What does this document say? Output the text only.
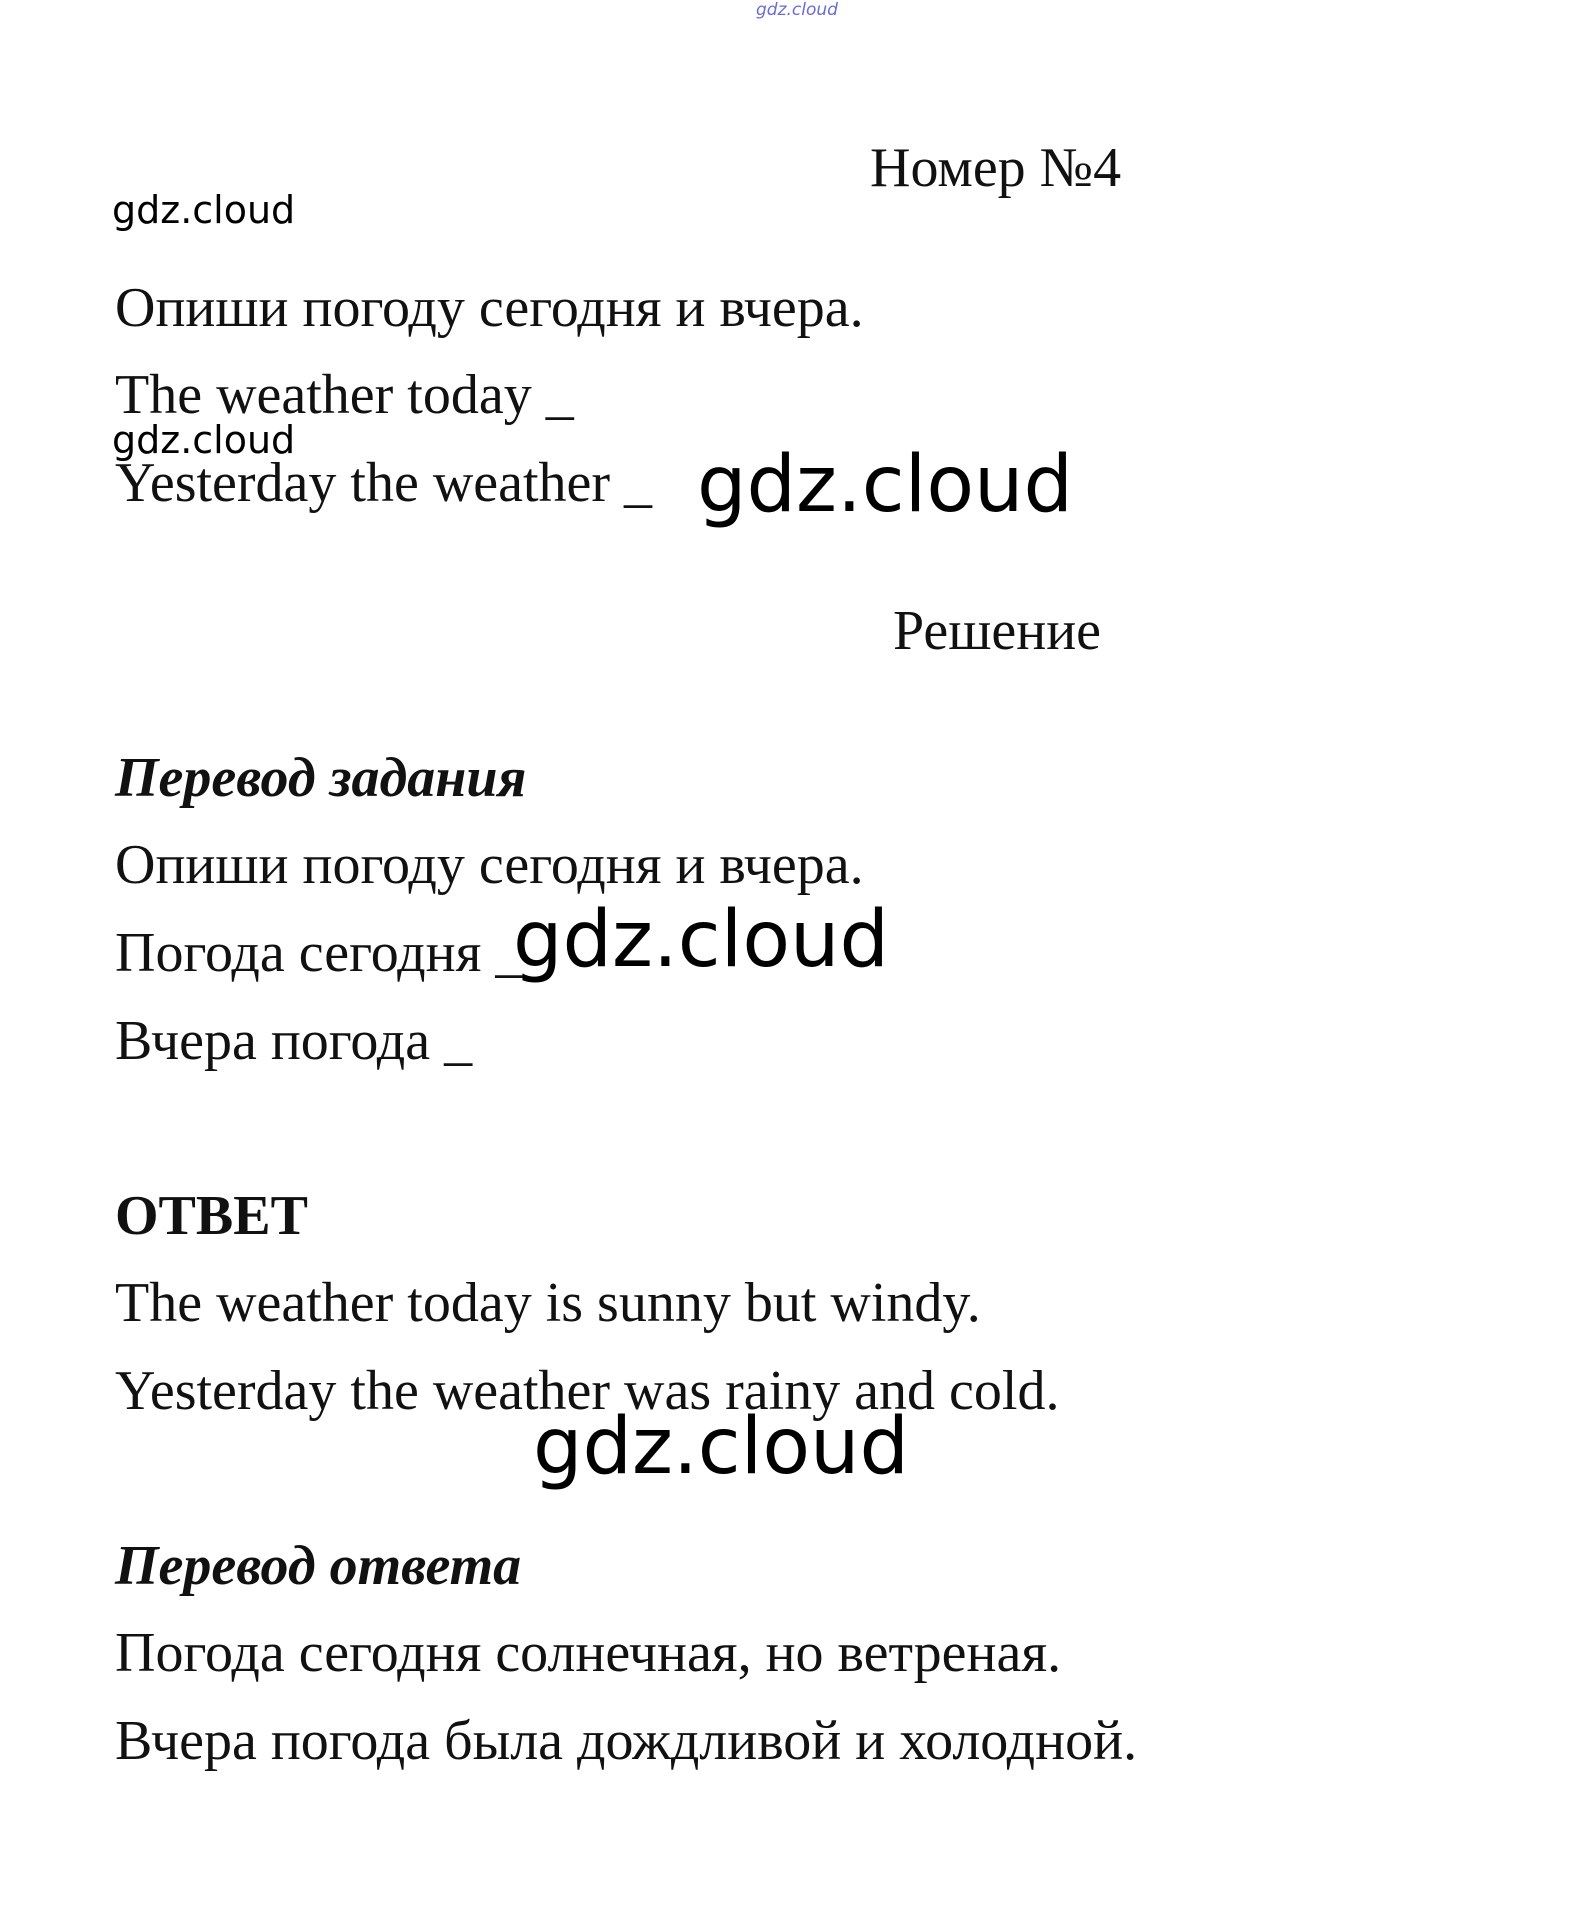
gdz.cloud
Номер №4
gdz.cloud
Опиши погоду сегодня и вчера.
The weather today _
gdz.cloud
Yesterday the weather _ gdz.cloud
Решение
Перевод задания
Опиши погоду сегодня и вчера.
Погода сегодня _
gdz.cloud
Вчера погода _
ОТВЕТ
The weather today is sunny but windy.
Yesterday the weather was rainy and cold.
gdz.cloud
Перевод ответа
Погода сегодня солнечная, но ветреная.
Вчера погода была дождливой и холодной.
